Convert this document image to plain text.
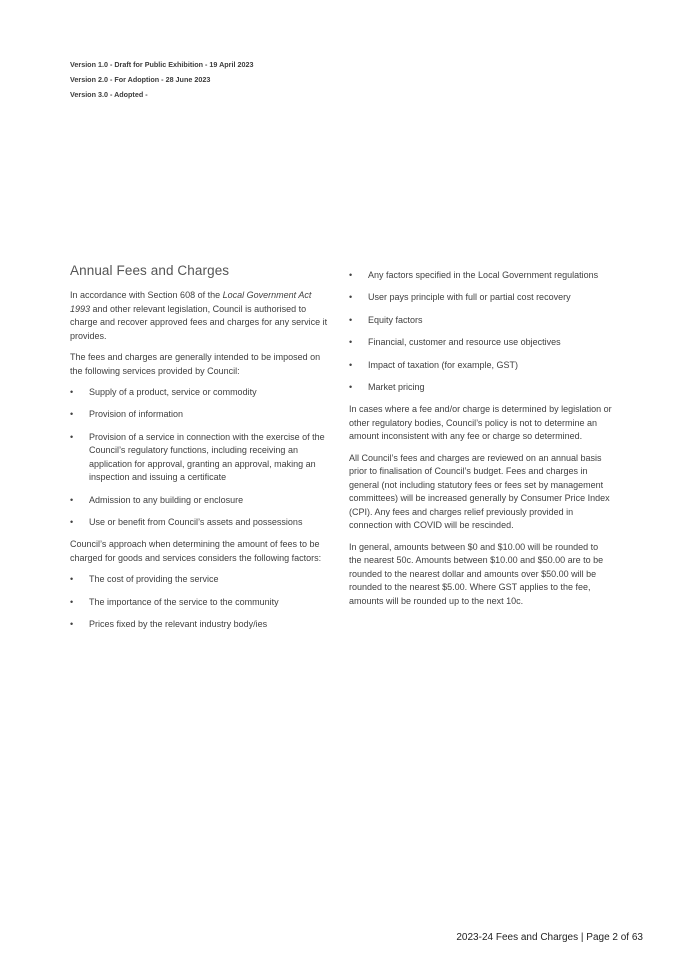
Version 1.0 - Draft for Public Exhibition - 19 April 2023
Version 2.0 - For Adoption - 28 June 2023
Version 3.0 - Adopted -
Annual Fees and Charges

In accordance with Section 608 of the Local Government Act 1993 and other relevant legislation, Council is authorised to charge and recover approved fees and charges for any service it provides.

The fees and charges are generally intended to be imposed on the following services provided by Council:

• Supply of a product, service or commodity
• Provision of information
• Provision of a service in connection with the exercise of the Council’s regulatory functions, including receiving an application for approval, granting an approval, making an inspection and issuing a certificate
• Admission to any building or enclosure
• Use or benefit from Council’s assets and possessions

Council’s approach when determining the amount of fees to be charged for goods and services considers the following factors:

• The cost of providing the service
• The importance of the service to the community
• Prices fixed by the relevant industry body/ies
• Any factors specified in the Local Government regulations
• User pays principle with full or partial cost recovery
• Equity factors
• Financial, customer and resource use objectives
• Impact of taxation (for example, GST)
• Market pricing

In cases where a fee and/or charge is determined by legislation or other regulatory bodies, Council’s policy is not to determine an amount inconsistent with any fee or charge so determined.

All Council’s fees and charges are reviewed on an annual basis prior to finalisation of Council’s budget. Fees and charges in general (not including statutory fees or fees set by management committees) will be increased generally by Consumer Price Index (CPI). Any fees and charges relief previously provided in connection with COVID will be rescinded.

In general, amounts between $0 and $10.00 will be rounded to the nearest 50c. Amounts between $10.00 and $50.00 are to be rounded to the nearest dollar and amounts over $50.00 will be rounded to the nearest $5.00. Where GST applies to the fee, amounts will be rounded up to the next 10c.

2023-24 Fees and Charges | Page 2 of 63
